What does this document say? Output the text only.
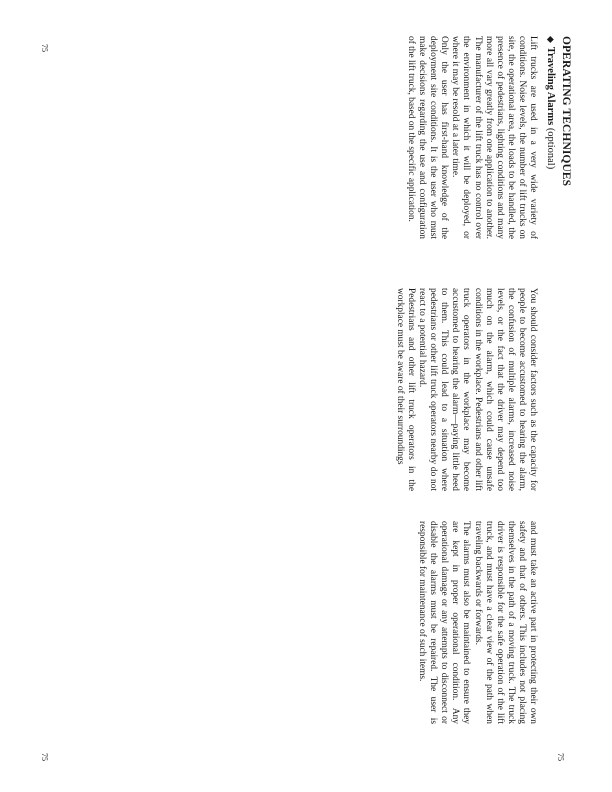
OPERATING TECHNIQUES
◆Traveling Alarms (optional)

Lift trucks are used in a very wide variety of conditions. Noise levels, the number of lift trucks on site, the operational area, the loads to be handled, the presence of pedestrians, lighting conditions and many more all vary greatly from one application to another. The manufacturer of the lift truck has no control over the environment in which it will be deployed, or where it may be resold at a later time.

Only the user has first-hand knowledge of the deployment site conditions. It is the user who must make decisions regarding the use and configuration of the lift truck, based on the specific application.

You should consider factors such as the capacity for people to become accustomed to hearing the alarm, the confusion of multiple alarms, increased noise levels, or the fact that the driver may depend too much on the alarm, which could cause unsafe conditions in the workplace. Pedestrians and other lift truck operators in the workplace may become accustomed to hearing the alarm—paying little heed to them. This could lead to a situation where pedestrians or other lift truck operators nearby do not react to a potential hazard.

Pedestrians and other lift truck operators in the workplace must be aware of their surroundings

and must take an active part in protecting their own safety and that of others. This includes not placing themselves in the path of a moving truck. The truck driver is responsible for the safe operation of the lift truck, and must have a clear view of the path when traveling backwards or forwards.

The alarms must also be maintained to ensure they are kept in proper operational condition. Any operational damage or any attempts to disconnect or disable the alarms must be repaired. The user is responsible for maintenance of such items.

75
75	75
